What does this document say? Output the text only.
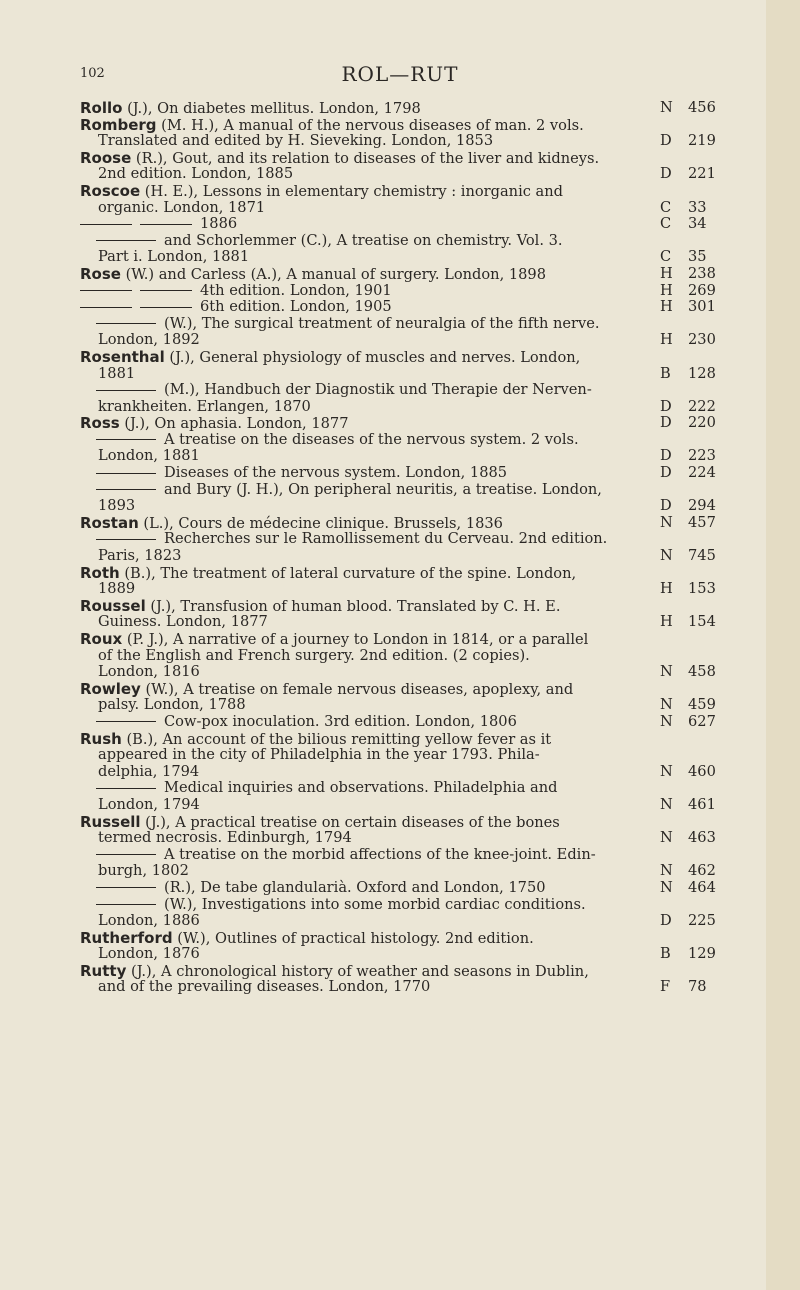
102	ROL—RUT
Rollo (J.), On diabetes mellitus. London, 1798	N 456
Romberg (M. H.), A manual of the nervous diseases of man. 2 vols.
Translated and edited by H. Sieveking. London, 1853	D 219
Roose (R.), Gout, and its relation to diseases of the liver and kidneys.
2nd edition. London, 1885	D 221
Roscoe (H. E.), Lessons in elementary chemistry : inorganic and
organic. London, 1871	C 33
1886	C 34
and Schorlemmer (C.), A treatise on chemistry. Vol. 3.
Part i. London, 1881	C 35
Rose (W.) and Carless (A.), A manual of surgery. London, 1898	H 238
4th edition. London, 1901	H 269
6th edition. London, 1905	H 301
(W.), The surgical treatment of neuralgia of the fifth nerve.
London, 1892	H 230
Rosenthal (J.), General physiology of muscles and nerves. London,
1881	B 128
(M.), Handbuch der Diagnostik und Therapie der Nerven-
krankheiten. Erlangen, 1870	D 222
Ross (J.), On aphasia. London, 1877	D 220
A treatise on the diseases of the nervous system. 2 vols.
London, 1881	D 223
Diseases of the nervous system. London, 1885	D 224
and Bury (J. H.), On peripheral neuritis, a treatise. London,
1893	D 294
Rostan (L.), Cours de médecine clinique. Brussels, 1836	N 457
Recherches sur le Ramollissement du Cerveau. 2nd edition.
Paris, 1823	N 745
Roth (B.), The treatment of lateral curvature of the spine. London,
1889	H 153
Roussel (J.), Transfusion of human blood. Translated by C. H. E.
Guiness. London, 1877	H 154
Roux (P. J.), A narrative of a journey to London in 1814, or a parallel
of the English and French surgery. 2nd edition. (2 copies).
London, 1816	N 458
Rowley (W.), A treatise on female nervous diseases, apoplexy, and
palsy. London, 1788	N 459
Cow-pox inoculation. 3rd edition. London, 1806	N 627
Rush (B.), An account of the bilious remitting yellow fever as it
appeared in the city of Philadelphia in the year 1793. Phila-
delphia, 1794	N 460
Medical inquiries and observations. Philadelphia and
London, 1794	N 461
Russell (J.), A practical treatise on certain diseases of the bones
termed necrosis. Edinburgh, 1794	N 463
A treatise on the morbid affections of the knee-joint. Edin-
burgh, 1802	N 462
(R.), De tabe glandularià. Oxford and London, 1750	N 464
(W.), Investigations into some morbid cardiac conditions.
London, 1886	D 225
Rutherford (W.), Outlines of practical histology. 2nd edition.
London, 1876	B 129
Rutty (J.), A chronological history of weather and seasons in Dublin,
and of the prevailing diseases. London, 1770	F 78
